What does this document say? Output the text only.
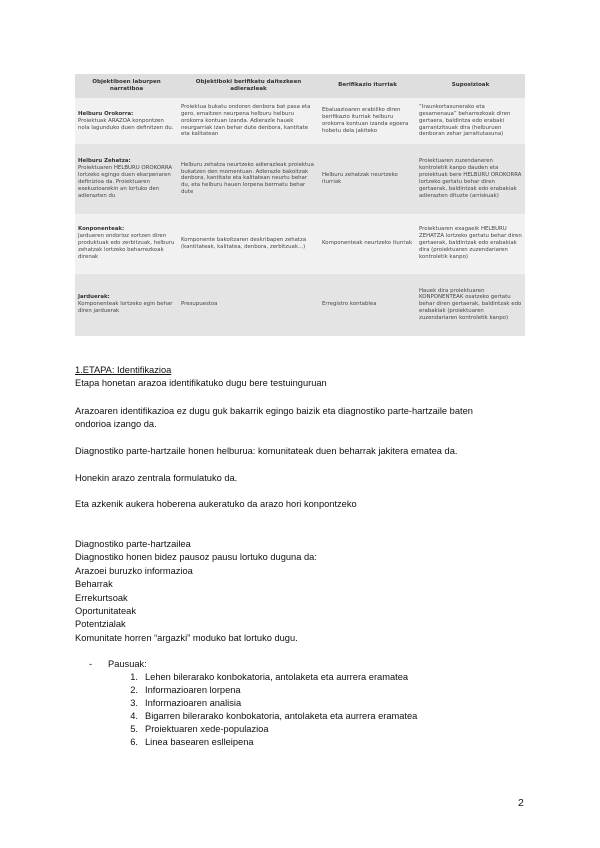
Objektiboen laburpen narratiboa	Objektiboki berifikatu daitezkeen adierazleak	Berifikazio iturriak	Suposizioak

Helburu Orokorra:
Proiektuak ARAZOA konpontzen nola lagunduko duen definitzen du.	Proiektua bukatu ondoren denbora bat pasa eta gero, emaitzen neurpena helburu helburu orokorra kontuan izanda. Adierazle hauek neurgarriak izan behar dute denbora, kantitate eta kalitatean	Ebaluazioaren erabiliko diren berifikazio iturriak helburu orokorra kontuan izanda egoera hobetu dela jakiteko	“Iraunkortasunerako eta gesamenaua” beharrezkoak diren gertaera, baldintza edo erabaki garrantzitsuak dira (helburuen denboran zehar jarraitutasuna)

Helburu Zehatza:
Proiektuaren HELBURU OROKORRA lortzeko egingo duen ekarpenaren definizioa da. Proiektuaren exekuzioarekin an lortuko den adierazten du	Helburu zehatza neurtzeko adierazleak proiektua bukatzen den momentuan. Adierazle bakoitzak denbora, kantitate eta kalitatean neurtu behar du, eta helburu hauen lorpena bermatu behar dute	Helburu zehatzak neurtzeko iturriak	Proiektuaren zuzendaneren kontroletik kanpo dauden eta proiektuak bere HELBURU OROKORRA lortzeko gertatu behar diren gertaerak, baldintzak edo erabakiak adierazten dituzte (arriskuak)

Konponenteak:
Jardueren ondorioz sortzen diren produktuak edo zerbitzuak, helburu zehatzak lortzeko beharrezkoak direnak	Komponente bakoitzaren deskribapen zehatza (kantitateak, kalitatea, denbora, zerbitzuak...)	Komponenteak neurtzeko iturriak	Proiektuaren exagaeik HELBURU ZEHATZA lortzeko gertatu behar diren gertaerak, baldintzak edo erabakiak dira (proiektuaren zuzendariaren kontroletik kanpo)

Jarduerak:
Komponenteak lortzeko egin behar diren jarduerak	Presupuestoa	Erregistro kontablea	Hauek dira proiektuaren KONPONENTEAK osatzeko gertatu behar diren gertaerak, baldintzak edo erabakiak (proiektuaren zuzendariaren kontroletik kanpo)
1.ETAPA: Identifikazioa
Etapa honetan arazoa identifikatuko dugu bere testuinguruan
Arazoaren identifikazioa ez dugu guk bakarrik egingo baizik eta diagnostiko parte-hartzaile baten
ondorioa izango da.
Diagnostiko parte-hartzaile honen helburua: komunitateak duen beharrak jakitera ematea da.
Honekin arazo zentrala formulatuko da.
Eta azkenik aukera hoberena aukeratuko da arazo hori konpontzeko
Diagnostiko parte-hartzailea
Diagnostiko honen bidez pausoz pausu lortuko duguna da:
Arazoei buruzko informazioa
Beharrak
Errekurtsoak
Oportunitateak
Potentzialak
Komunitate horren “argazki” moduko bat lortuko dugu.
- Pausuak:
1. Lehen bilerarako konbokatoria, antolaketa eta aurrera eramatea
2. Informazioaren lorpena
3. Informazioaren analisia
4. Bigarren bilerarako konbokatoria, antolaketa eta aurrera eramatea
5. Proiektuaren xede-populazioa
6. Linea basearen eslleipena
2
